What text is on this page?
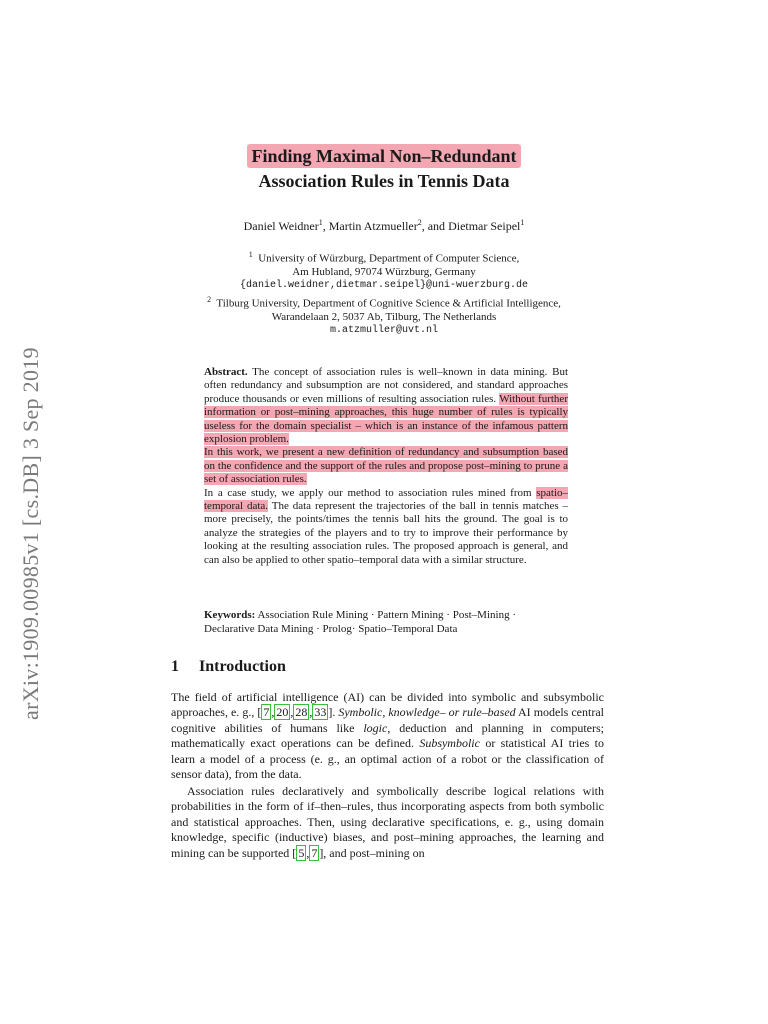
arXiv:1909.00985v1 [cs.DB] 3 Sep 2019
Finding Maximal Non–Redundant
Association Rules in Tennis Data
Daniel Weidner$^1$, Martin Atzmueller$^2$, and Dietmar Seipel$^1$
$^1$ University of Würzburg, Department of Computer Science,
Am Hubland, 97074 Würzburg, Germany
{daniel.weidner,dietmar.seipel}@uni-wuerzburg.de
$^2$ Tilburg University, Department of Cognitive Science & Artificial Intelligence,
Warandelaan 2, 5037 Ab, Tilburg, The Netherlands
m.atzmuller@uvt.nl
Abstract. The concept of association rules is well–known in data mining. But often redundancy and subsumption are not considered, and standard approaches produce thousands or even millions of resulting association rules. Without further information or post–mining approaches, this huge number of rules is typically useless for the domain specialist – which is an instance of the infamous pattern explosion problem.
In this work, we present a new definition of redundancy and subsumption based on the confidence and the support of the rules and propose post–mining to prune a set of association rules.
In a case study, we apply our method to association rules mined from spatio–temporal data. The data represent the trajectories of the ball in tennis matches – more precisely, the points/times the tennis ball hits the ground. The goal is to analyze the strategies of the players and to try to improve their performance by looking at the resulting association rules. The proposed approach is general, and can also be applied to other spatio–temporal data with a similar structure.
Keywords: Association Rule Mining · Pattern Mining · Post–Mining · Declarative Data Mining · Prolog· Spatio–Temporal Data
1 Introduction
The field of artificial intelligence (AI) can be divided into symbolic and subsymbolic approaches, e. g., [ 7 , 20 , 28 , 33 ]. Symbolic, knowledge– or rule–based AI models central cognitive abilities of humans like logic, deduction and planning in computers; mathematically exact operations can be defined. Subsymbolic or statistical AI tries to learn a model of a process (e. g., an optimal action of a robot or the classification of sensor data), from the data.
Association rules declaratively and symbolically describe logical relations with probabilities in the form of if–then–rules, thus incorporating aspects from both symbolic and statistical approaches. Then, using declarative specifications, e. g., using domain knowledge, specific (inductive) biases, and post–mining approaches, the learning and mining can be supported [ 5 , 7 ], and post–mining on
